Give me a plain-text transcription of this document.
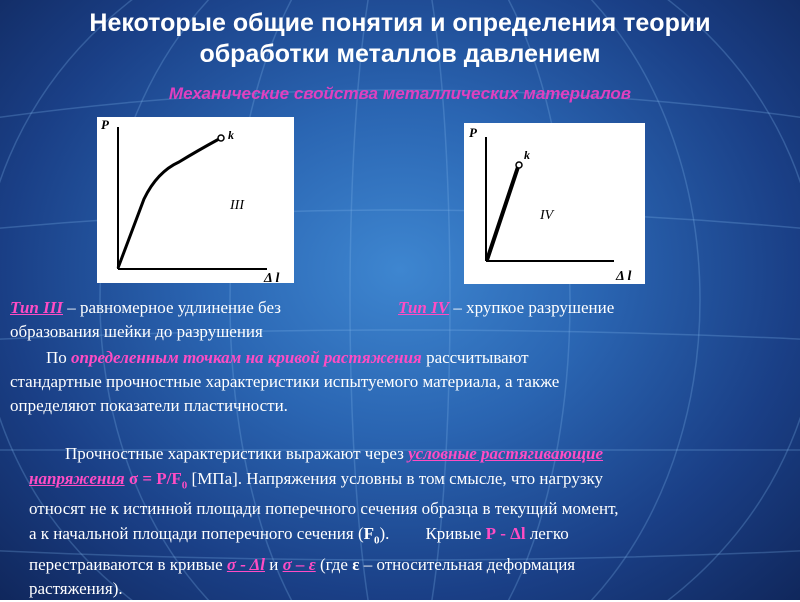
Некоторые общие понятия и определения теории
обработки металлов давлением
Механические свойства металлических материалов
P
k
III
Δ l
P
k
IV
Δ l
Тип III – равномерное удлинение без
образования шейки до разрушения
Тип IV – хрупкое разрушение
По определенным точкам на кривой растяжения рассчитывают
стандартные прочностные характеристики испытуемого материала, а также
определяют показатели пластичности.
Прочностные характеристики выражают через условные растягивающие
напряжения $\sigma = P/F_0$ [МПа]. Напряжения условны в том смысле, что нагрузку
относят не к истинной площади поперечного сечения образца в текущий момент,
а к начальной площади поперечного сечения $(F_0)$. Кривые Р - Δl легко
перестраиваются в кривые σ - Δl и σ – ε (где ε – относительная деформация
растяжения).
